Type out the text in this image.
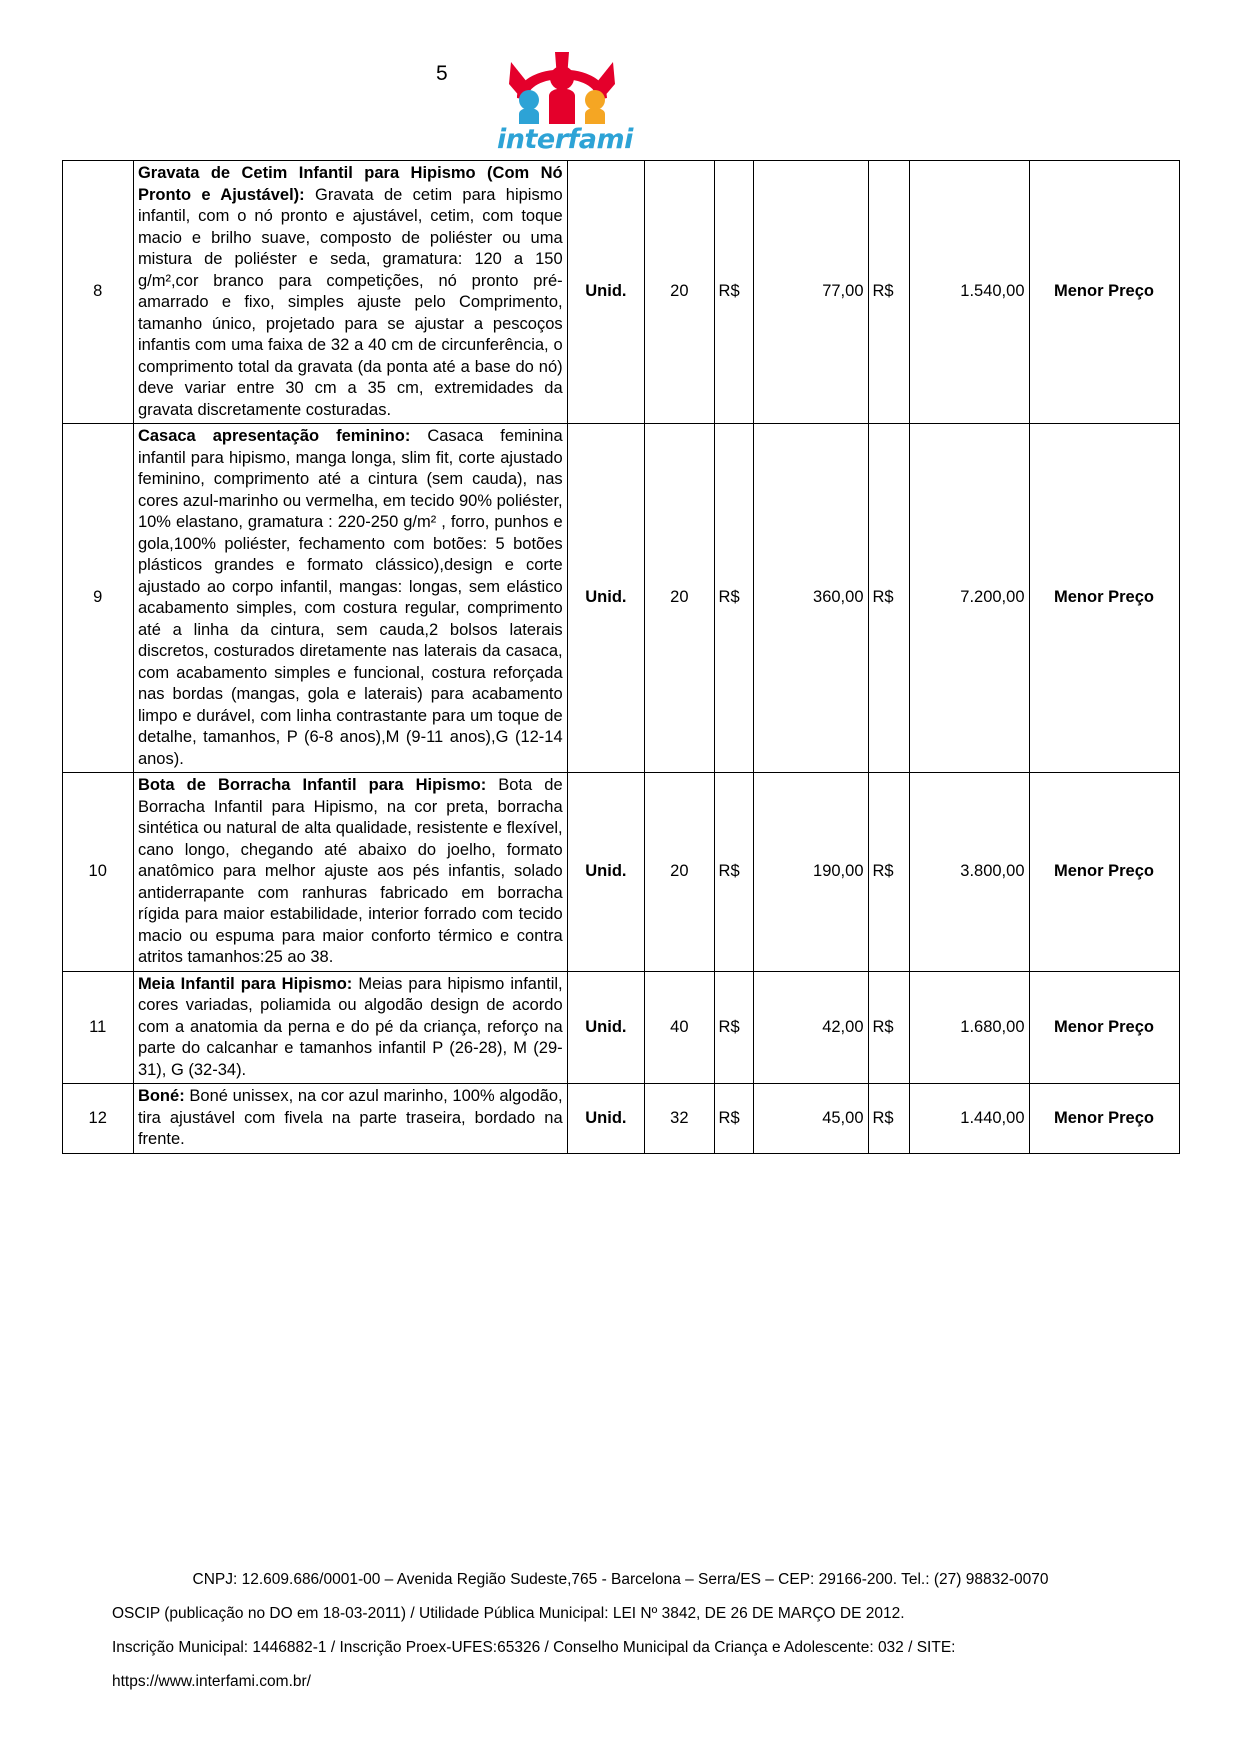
5
interfami
8	Gravata de Cetim Infantil para Hipismo (Com Nó Pronto e Ajustável): Gravata de cetim para hipismo infantil, com o nó pronto e ajustável, cetim, com toque macio e brilho suave, composto de poliéster ou uma mistura de poliéster e seda, gramatura: 120 a 150 g/m²,cor branco para competições, nó pronto pré-amarrado e fixo, simples ajuste pelo Comprimento, tamanho único, projetado para se ajustar a pescoços infantis com uma faixa de 32 a 40 cm de circunferência, o comprimento total da gravata (da ponta até a base do nó) deve variar entre 30 cm a 35 cm, extremidades da gravata discretamente costuradas.	Unid.	20	R$	77,00	R$	1.540,00	Menor Preço
9	Casaca apresentação feminino: Casaca feminina infantil para hipismo, manga longa, slim fit, corte ajustado feminino, comprimento até a cintura (sem cauda), nas cores azul-marinho ou vermelha, em tecido 90% poliéster, 10% elastano, gramatura : 220-250 g/m² , forro, punhos e gola,100% poliéster, fechamento com botões: 5 botões plásticos grandes e formato clássico),design e corte ajustado ao corpo infantil, mangas: longas, sem elástico acabamento simples, com costura regular, comprimento até a linha da cintura, sem cauda,2 bolsos laterais discretos, costurados diretamente nas laterais da casaca, com acabamento simples e funcional, costura reforçada nas bordas (mangas, gola e laterais) para acabamento limpo e durável, com linha contrastante para um toque de detalhe, tamanhos, P (6-8 anos),M (9-11 anos),G (12-14 anos).	Unid.	20	R$	360,00	R$	7.200,00	Menor Preço
10	Bota de Borracha Infantil para Hipismo: Bota de Borracha Infantil para Hipismo, na cor preta, borracha sintética ou natural de alta qualidade, resistente e flexível, cano longo, chegando até abaixo do joelho, formato anatômico para melhor ajuste aos pés infantis, solado antiderrapante com ranhuras fabricado em borracha rígida para maior estabilidade, interior forrado com tecido macio ou espuma para maior conforto térmico e contra atritos tamanhos:25 ao 38.	Unid.	20	R$	190,00	R$	3.800,00	Menor Preço
11	Meia Infantil para Hipismo: Meias para hipismo infantil, cores variadas, poliamida ou algodão design de acordo com a anatomia da perna e do pé da criança, reforço na parte do calcanhar e tamanhos infantil P (26-28), M (29-31), G (32-34).	Unid.	40	R$	42,00	R$	1.680,00	Menor Preço
12	Boné: Boné unissex, na cor azul marinho, 100% algodão, tira ajustável com fivela na parte traseira, bordado na frente.	Unid.	32	R$	45,00	R$	1.440,00	Menor Preço

CNPJ: 12.609.686/0001-00 – Avenida Região Sudeste,765 - Barcelona – Serra/ES – CEP: 29166-200. Tel.: (27) 98832-0070

OSCIP (publicação no DO em 18-03-2011) / Utilidade Pública Municipal: LEI Nº 3842, DE 26 DE MARÇO DE 2012.

Inscrição Municipal: 1446882-1 / Inscrição Proex-UFES:65326 / Conselho Municipal da Criança e Adolescente: 032 / SITE:

https://www.interfami.com.br/
